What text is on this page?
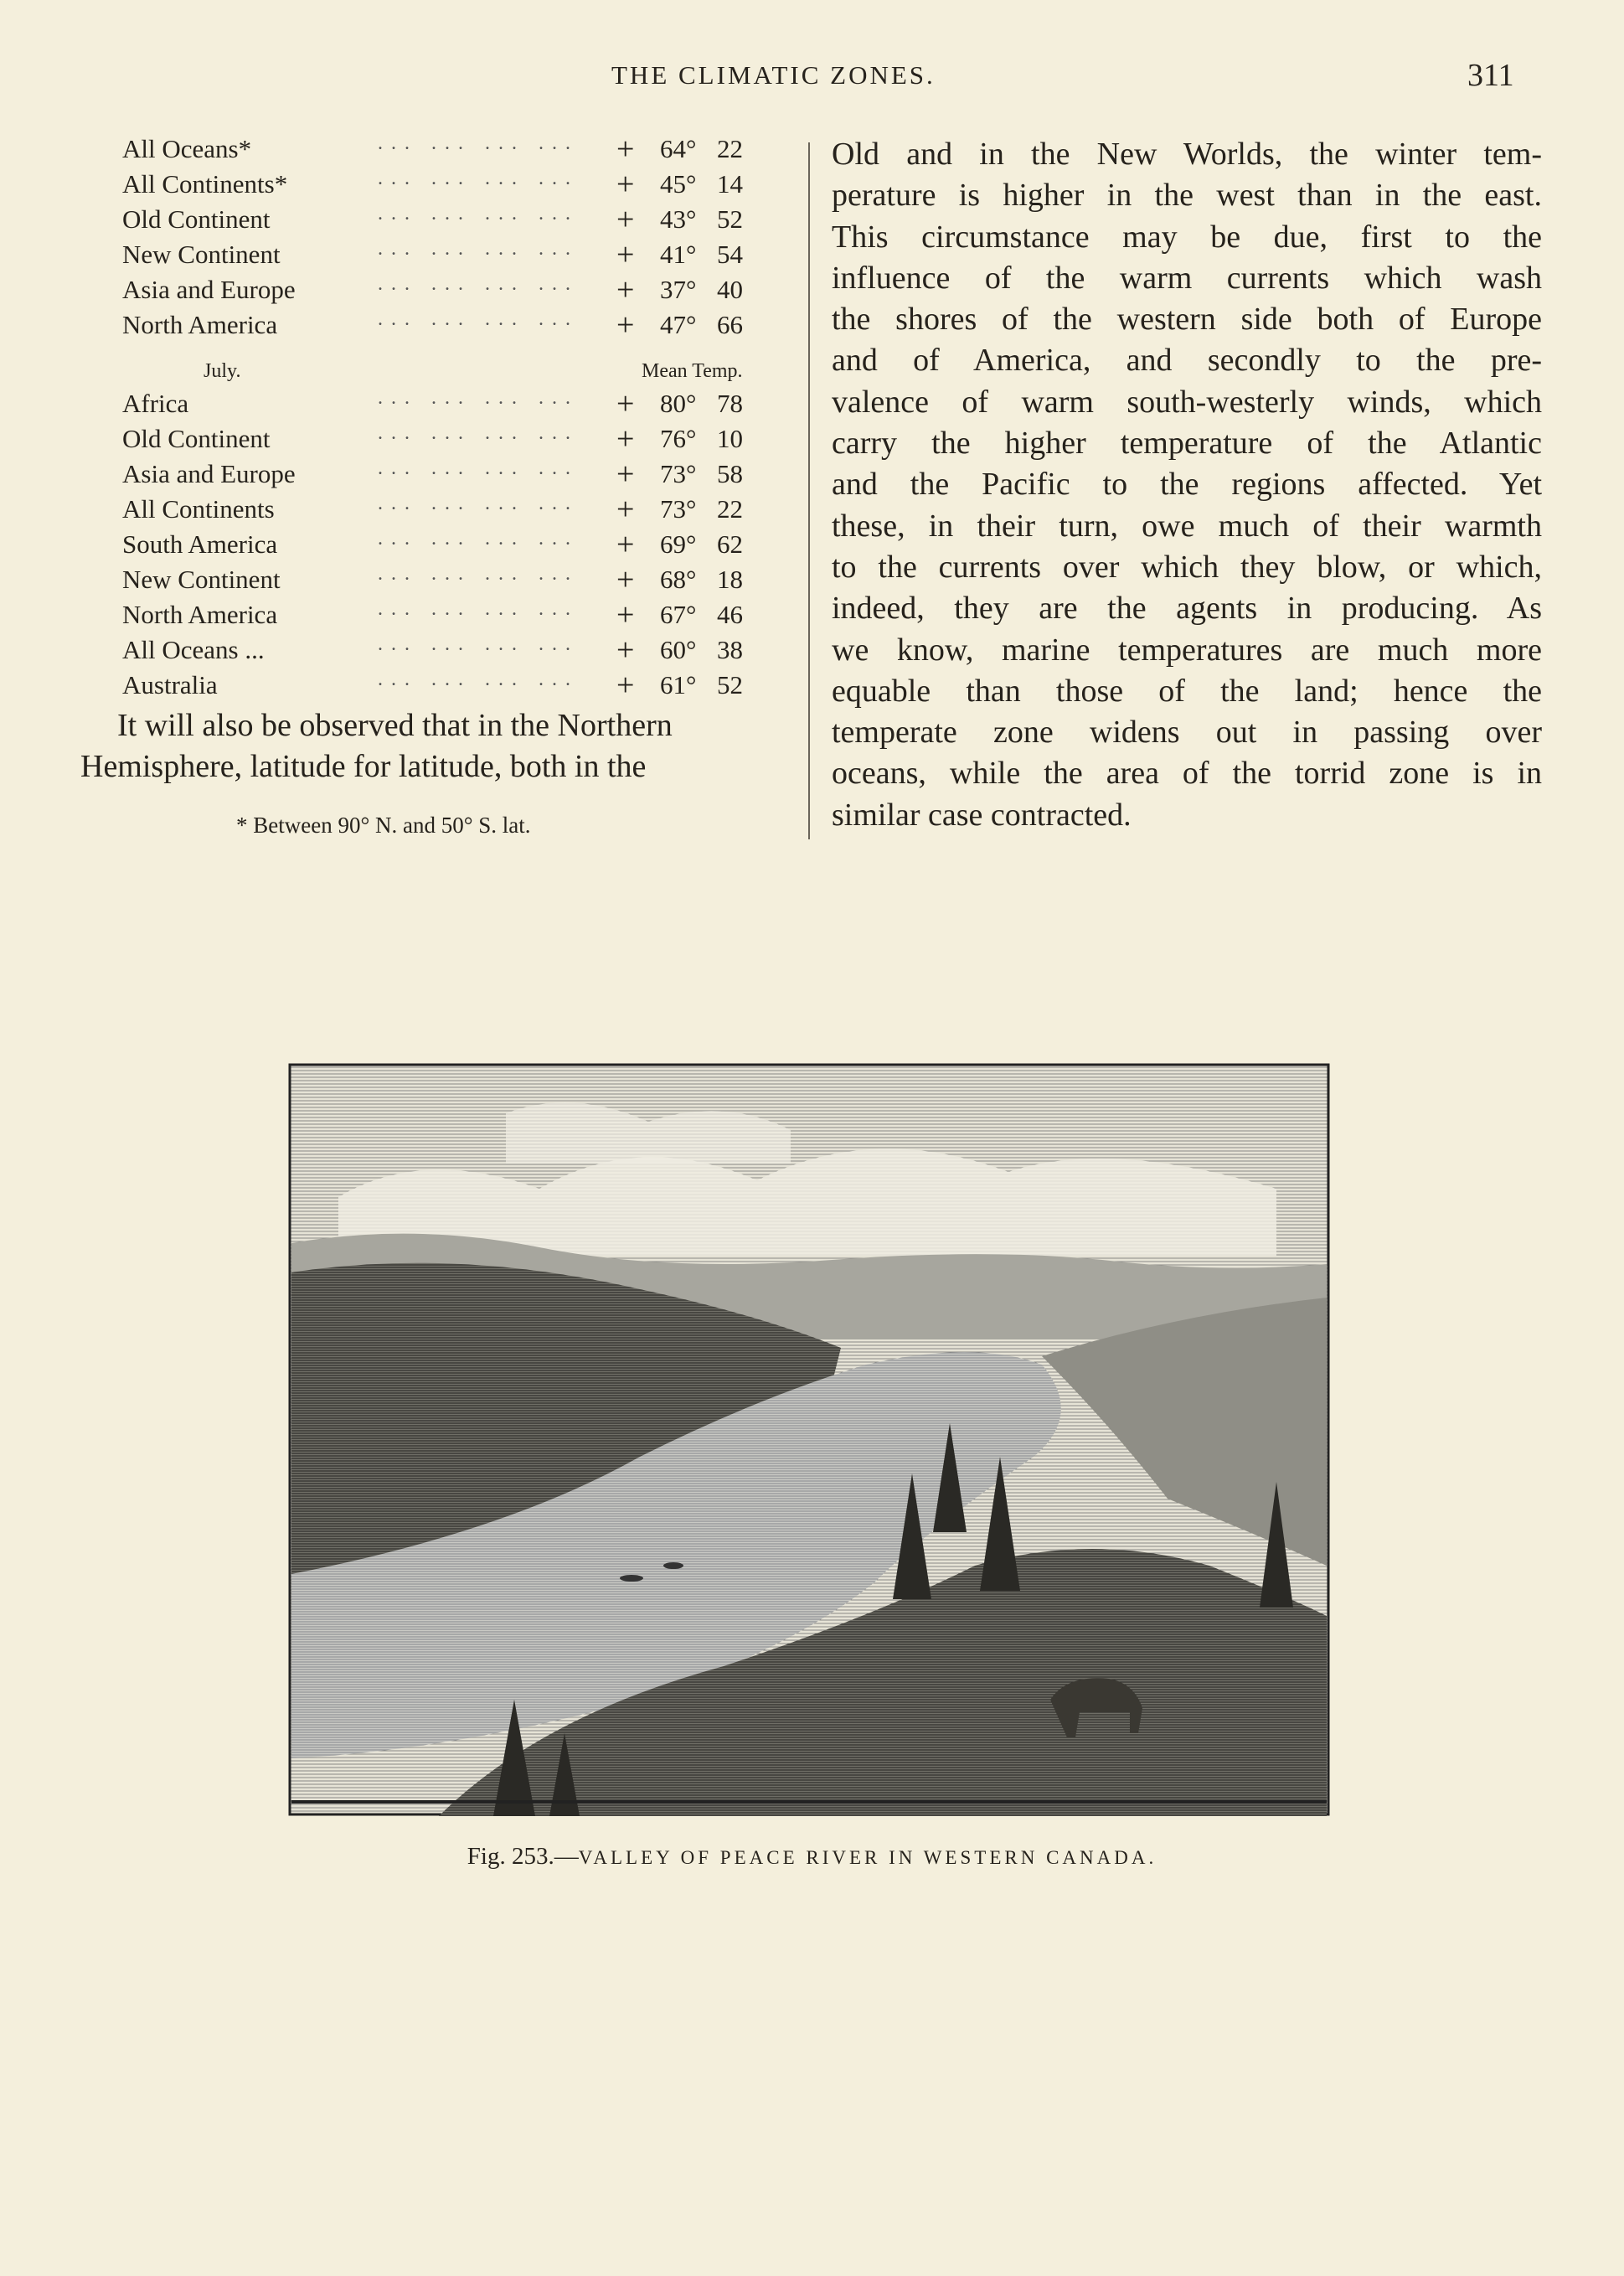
THE CLIMATIC ZONES.	311
All Oceans*	... ... ... ... + 64° 22
All Continents*	... ... ... ... + 45° 14
Old Continent	... ... ... ... + 43° 52
New Continent	... ... ... ... + 41° 54
Asia and Europe	... ... ... ... + 37° 40
North America	... ... ... ... + 47° 66
July.	Mean Temp.
Africa	... ... ... ... + 80° 78
Old Continent	... ... ... ... + 76° 10
Asia and Europe	... ... ... ... + 73° 58
All Continents	... ... ... ... + 73° 22
South America	... ... ... ... + 69° 62
New Continent	... ... ... ... + 68° 18
North America	... ... ... ... + 67° 46
All Oceans ...	... ... ... ... + 60° 38
Australia	... ... ... ... + 61° 52
It will also be observed that in the Northern
Hemisphere, latitude for latitude, both in the
* Between 90° N. and 50° S. lat.
Old and in the New Worlds, the winter tem-
perature is higher in the west than in the east.
This circumstance may be due, first to the
influence of the warm currents which wash
the shores of the western side both of Europe
and of America, and secondly to the pre-
valence of warm south-westerly winds, which
carry the higher temperature of the Atlantic
and the Pacific to the regions affected. Yet
these, in their turn, owe much of their warmth
to the currents over which they blow, or which,
indeed, they are the agents in producing. As
we know, marine temperatures are much more
equable than those of the land; hence the
temperate zone widens out in passing over
oceans, while the area of the torrid zone is in
similar case contracted.
Fig. 253.—VALLEY OF PEACE RIVER IN WESTERN CANADA.
